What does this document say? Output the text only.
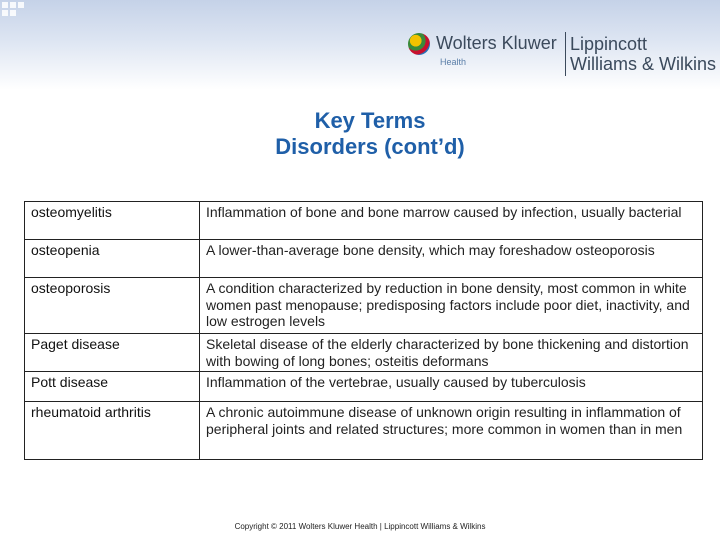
Wolters Kluwer
Health
Lippincott
Williams & Wilkins
Key Terms
Disorders (cont’d)
osteomyelitis	Inflammation of bone and bone marrow caused by infection, usually bacterial
osteopenia	A lower-than-average bone density, which may foreshadow osteoporosis
osteoporosis	A condition characterized by reduction in bone density, most common in white women past menopause; predisposing factors include poor diet, inactivity, and low estrogen levels
Paget disease	Skeletal disease of the elderly characterized by bone thickening and distortion with bowing of long bones; osteitis deformans
Pott disease	Inflammation of the vertebrae, usually caused by tuberculosis
rheumatoid arthritis	A chronic autoimmune disease of unknown origin resulting in inflammation of peripheral joints and related structures; more common in women than in men
Copyright © 2011 Wolters Kluwer Health | Lippincott Williams & Wilkins
